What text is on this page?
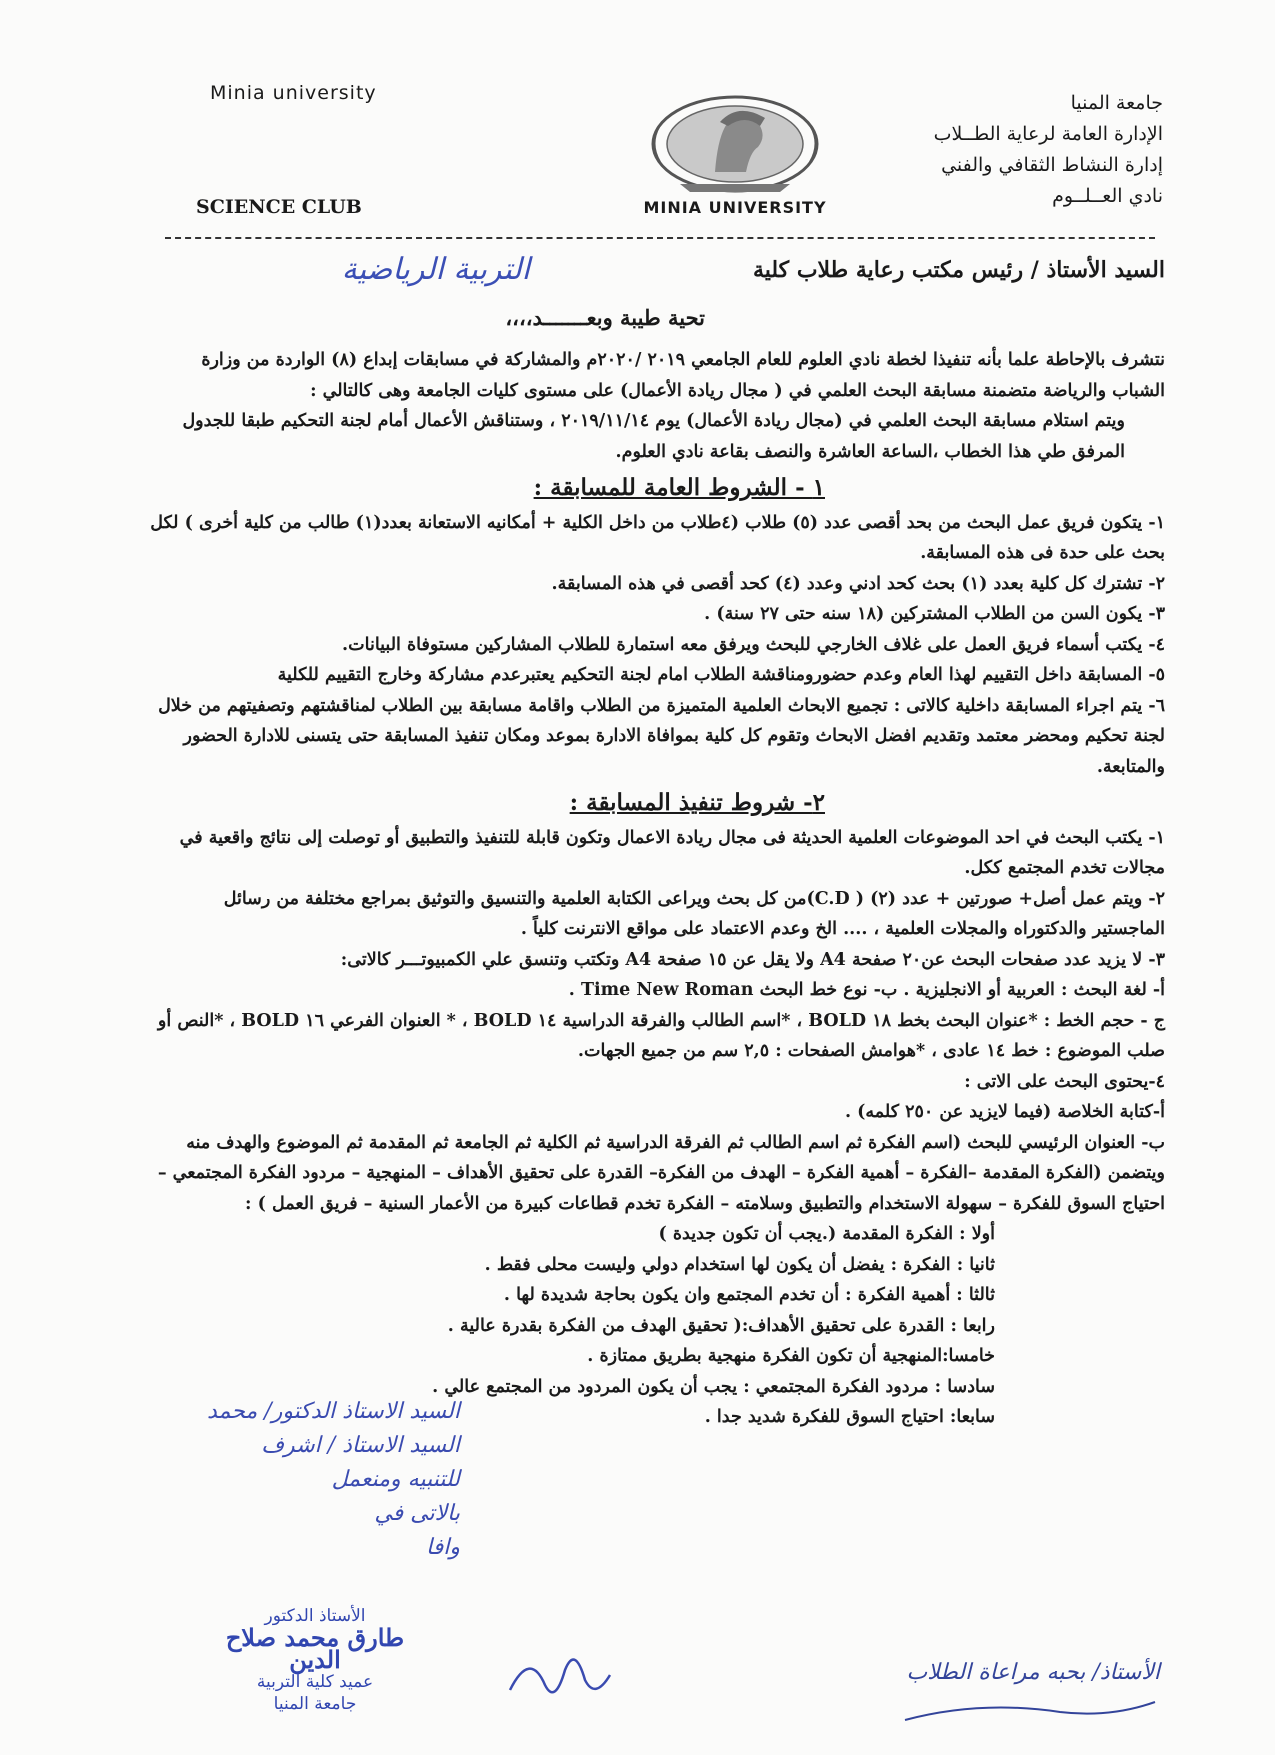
Minia university
SCIENCE CLUB	MINIA UNIVERSITY
جامعة المنيا
الإدارة العامة لرعاية الطــلاب
إدارة النشاط الثقافي والفني
نادي العــلــوم
السيد الأستاذ / رئيس مكتب رعاية طلاب كلية
التربية الرياضية
تحية طيبة وبعـــــــد،،،،

نتشرف بالإحاطة علما بأنه تنفيذا لخطة نادي العلوم للعام الجامعي ٢٠١٩ /٢٠٢٠م والمشاركة في مسابقات إبداع (٨) الواردة من وزارة الشباب والرياضة متضمنة مسابقة البحث العلمي في ( مجال ريادة الأعمال) على مستوى كليات الجامعة وهى كالتالي :

ويتم استلام مسابقة البحث العلمي في (مجال ريادة الأعمال) يوم ٢٠١٩/١١/١٤ ، وستناقش الأعمال أمام لجنة التحكيم طبقا للجدول المرفق طي هذا الخطاب ،الساعة العاشرة والنصف بقاعة نادي العلوم.

١ - الشروط العامة للمسابقة :

١- يتكون فريق عمل البحث من بحد أقصى عدد (٥) طلاب (٤طلاب من داخل الكلية + أمكانيه الاستعانة بعدد(١) طالب من كلية أخرى ) لكل بحث على حدة فى هذه المسابقة.

٢- تشترك كل كلية بعدد (١) بحث كحد ادني وعدد (٤) كحد أقصى في هذه المسابقة.

٣- يكون السن من الطلاب المشتركين (١٨ سنه حتى ٢٧ سنة) .

٤- يكتب أسماء فريق العمل على غلاف الخارجي للبحث ويرفق معه استمارة للطلاب المشاركين مستوفاة البيانات.

٥- المسابقة داخل التقييم لهذا العام وعدم حضورومناقشة الطلاب امام لجنة التحكيم يعتبرعدم مشاركة وخارج التقييم للكلية

٦- يتم اجراء المسابقة داخلية كالاتى : تجميع الابحاث العلمية المتميزة من الطلاب واقامة مسابقة بين الطلاب لمناقشتهم وتصفيتهم من خلال لجنة تحكيم ومحضر معتمد وتقديم افضل الابحاث وتقوم كل كلية بموافاة الادارة بموعد ومكان تنفيذ المسابقة حتى يتسنى للادارة الحضور والمتابعة.

٢- شروط تنفيذ المسابقة :

١- يكتب البحث في احد الموضوعات العلمية الحديثة فى مجال ريادة الاعمال وتكون قابلة للتنفيذ والتطبيق أو توصلت إلى نتائج واقعية في مجالات تخدم المجتمع ككل.

٢- ويتم عمل أصل+ صورتين + عدد (٢) ( C.D)من كل بحث ويراعى الكتابة العلمية والتنسيق والتوثيق بمراجع مختلفة من رسائل الماجستير والدكتوراه والمجلات العلمية ، .... الخ وعدم الاعتماد على مواقع الانترنت كلياً .

٣- لا يزيد عدد صفحات البحث عن٢٠ صفحة A4 ولا يقل عن ١٥ صفحة A4 وتكتب وتنسق علي الكمبيوتـــر كالاتى:

أ- لغة البحث : العربية أو الانجليزية . ب- نوع خط البحث Time New Roman .

ج - حجم الخط : *عنوان البحث بخط ١٨ BOLD ، *اسم الطالب والفرقة الدراسية ١٤ BOLD ، * العنوان الفرعي ١٦ BOLD ، *النص أو صلب الموضوع : خط ١٤ عادى ، *هوامش الصفحات : ٢,٥ سم من جميع الجهات.

٤-يحتوى البحث على الاتى :

أ-كتابة الخلاصة (فيما لايزيد عن ٢٥٠ كلمه) .

ب- العنوان الرئيسي للبحث (اسم الفكرة ثم اسم الطالب ثم الفرقة الدراسية ثم الكلية ثم الجامعة ثم المقدمة ثم الموضوع والهدف منه ويتضمن (الفكرة المقدمة –الفكرة – أهمية الفكرة – الهدف من الفكرة– القدرة على تحقيق الأهداف – المنهجية – مردود الفكرة المجتمعي –احتياج السوق للفكرة – سهولة الاستخدام والتطبيق وسلامته – الفكرة تخدم قطاعات كبيرة من الأعمار السنية – فريق العمل ) :

أولا : الفكرة المقدمة (.يجب أن تكون جديدة )

ثانيا : الفكرة : يفضل أن يكون لها استخدام دولي وليست محلى فقط .

ثالثا : أهمية الفكرة : أن تخدم المجتمع وان يكون بحاجة شديدة لها .

رابعا : القدرة على تحقيق الأهداف:( تحقيق الهدف من الفكرة بقدرة عالية .

خامسا:المنهجية أن تكون الفكرة منهجية بطريق ممتازة .

سادسا : مردود الفكرة المجتمعي : يجب أن يكون المردود من المجتمع عالي .

سابعا: احتياج السوق للفكرة شديد جدا .

السيد الاستاذ الدكتور/ محمد
السيد الاستاذ / اشرف
للتنبيه ومنعمل
بالاتى في
وافا
الأستاذ الدكتور
طارق محمد صلاح الدين
عميد كلية التربية
جامعة المنيا
الأستاذ/ بحبه مراعاة الطلاب
